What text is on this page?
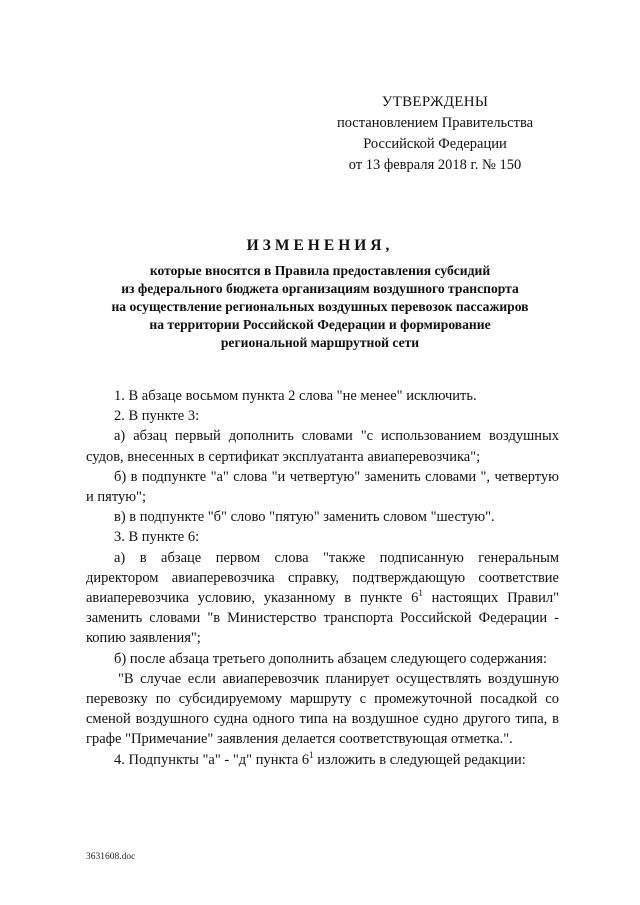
УТВЕРЖДЕНЫ
постановлением Правительства
Российской Федерации
от 13 февраля 2018 г. № 150
ИЗМЕНЕНИЯ,
которые вносятся в Правила предоставления субсидий
из федерального бюджета организациям воздушного транспорта
на осуществление региональных воздушных перевозок пассажиров
на территории Российской Федерации и формирование
региональной маршрутной сети

1. В абзаце восьмом пункта 2 слова "не менее" исключить.

2. В пункте 3:

а) абзац первый дополнить словами "с использованием воздушных судов, внесенных в сертификат эксплуатанта авиаперевозчика";

б) в подпункте "а" слова "и четвертую" заменить словами ", четвертую и пятую";

в) в подпункте "б" слово "пятую" заменить словом "шестую".

3. В пункте 6:

а) в абзаце первом слова "также подписанную генеральным директором авиаперевозчика справку, подтверждающую соответствие авиаперевозчика условию, указанному в пункте $6^1$ настоящих Правил" заменить словами "в Министерство транспорта Российской Федерации - копию заявления";

б) после абзаца третьего дополнить абзацем следующего содержания:

"В случае если авиаперевозчик планирует осуществлять воздушную перевозку по субсидируемому маршруту с промежуточной посадкой со сменой воздушного судна одного типа на воздушное судно другого типа, в графе "Примечание" заявления делается соответствующая отметка.".

4. Подпункты "а" - "д" пункта $6^1$ изложить в следующей редакции:

3631608.doc
